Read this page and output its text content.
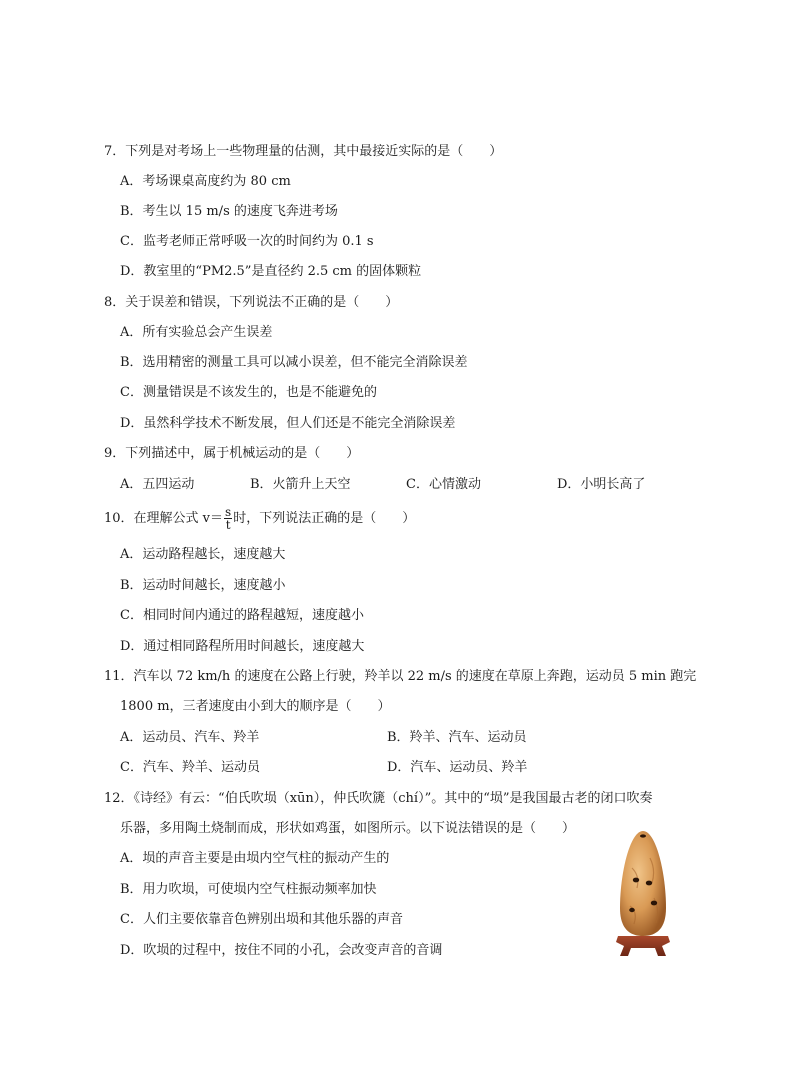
7．下列是对考场上一些物理量的估测，其中最接近实际的是（　　）
A．考场课桌高度约为 80 cm
B．考生以 15 m/s 的速度飞奔进考场
C．监考老师正常呼吸一次的时间约为 0.1 s
D．教室里的“PM2.5”是直径约 2.5 cm 的固体颗粒
8．关于误差和错误，下列说法不正确的是（　　）
A．所有实验总会产生误差
B．选用精密的测量工具可以减小误差，但不能完全消除误差
C．测量错误是不该发生的，也是不能避免的
D．虽然科学技术不断发展，但人们还是不能完全消除误差
9．下列描述中，属于机械运动的是（　　）
A．五四运动	B．火箭升上天空	C．心情激动	D．小明长高了
10．在理解公式 $v= \frac{s}{t}$ 时，下列说法正确的是（　　）
A．运动路程越长，速度越大
B．运动时间越长，速度越小
C．相同时间内通过的路程越短，速度越小
D．通过相同路程所用时间越长，速度越大
11．汽车以 72 km/h 的速度在公路上行驶，羚羊以 22 m/s 的速度在草原上奔跑，运动员 5 min 跑完
1800 m，三者速度由小到大的顺序是（　　）
A．运动员、汽车、羚羊	B．羚羊、汽车、运动员
C．汽车、羚羊、运动员	D．汽车、运动员、羚羊
12．《诗经》有云：“伯氏吹埙（xūn），仲氏吹篪（chí）”。其中的“埙”是我国最古老的闭口吹奏
乐器，多用陶土烧制而成，形状如鸡蛋，如图所示。以下说法错误的是（　　）
A．埙的声音主要是由埙内空气柱的振动产生的
B．用力吹埙，可使埙内空气柱振动频率加快
C．人们主要依靠音色辨别出埙和其他乐器的声音
D．吹埙的过程中，按住不同的小孔，会改变声音的音调
